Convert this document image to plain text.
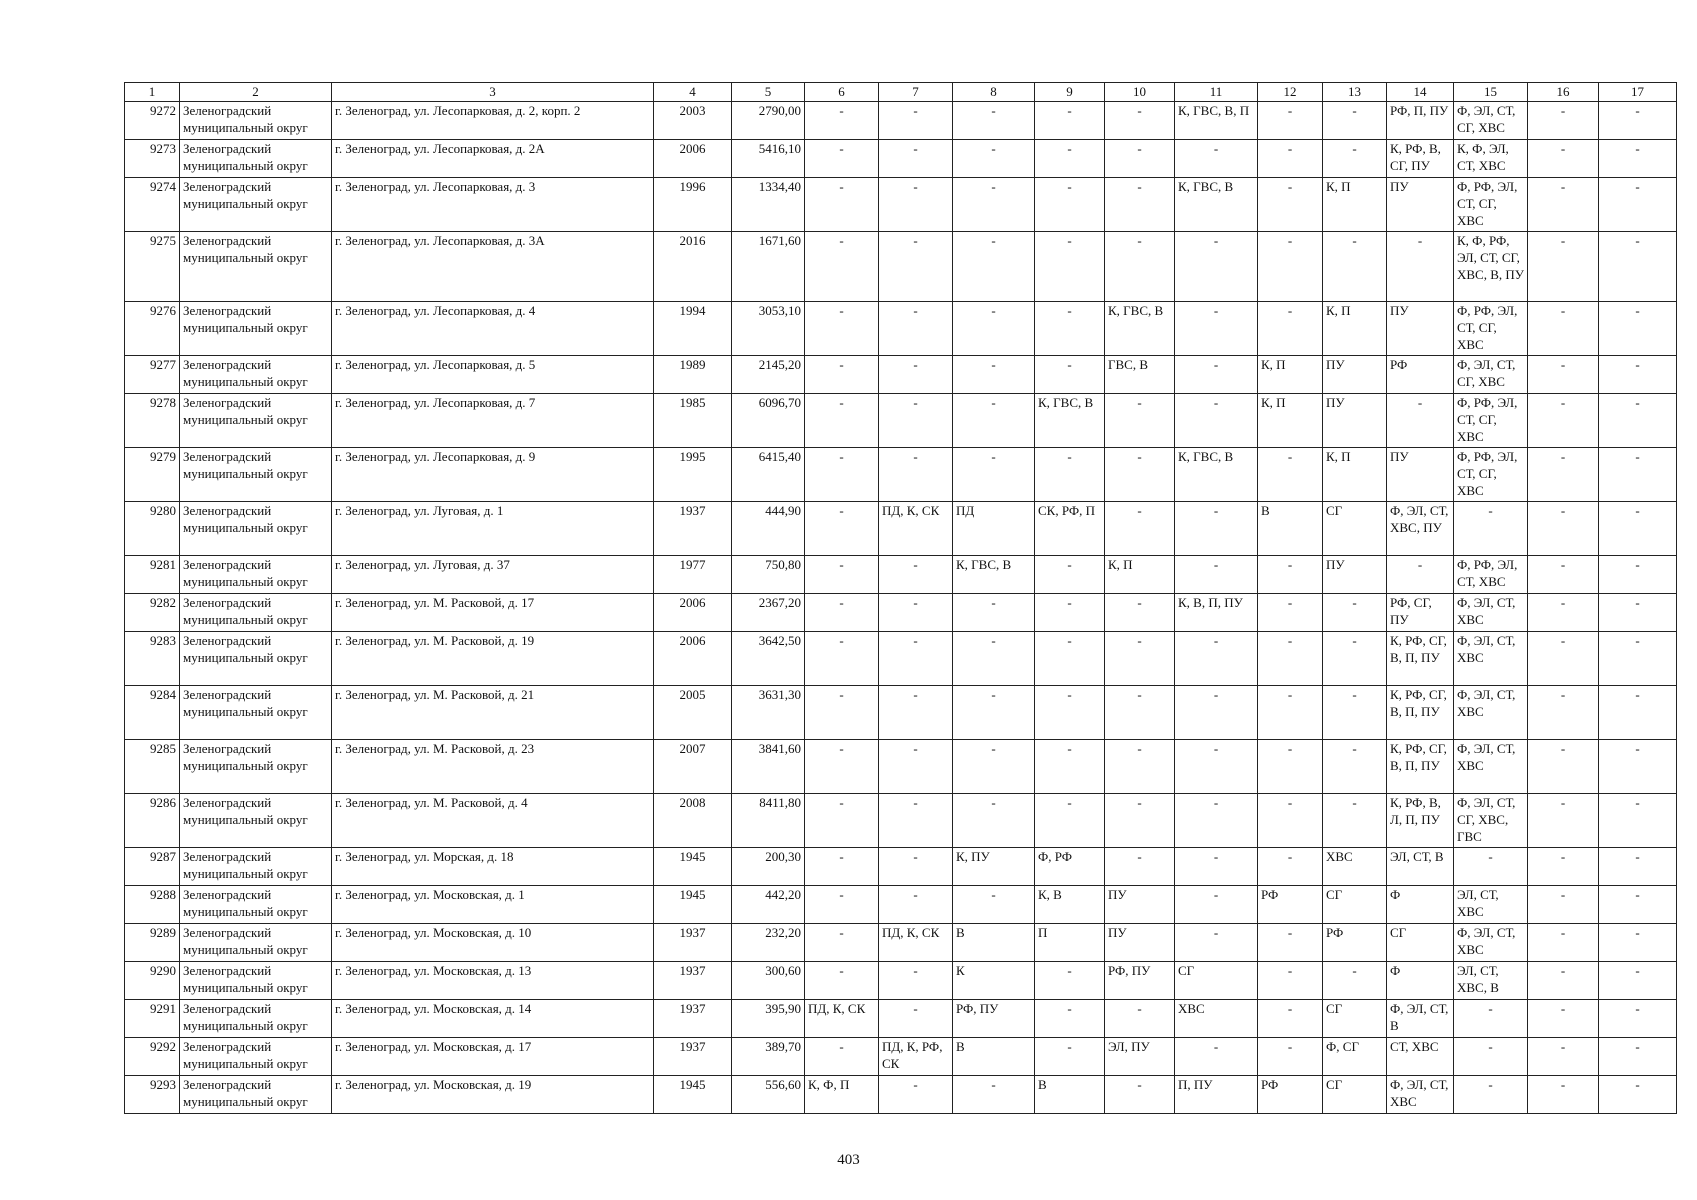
1	2	3	4	5	6	7	8	9	10	11	12	13	14	15	16	17
9272	Зеленоградский муниципальный округ	г. Зеленоград, ул. Лесопарковая, д. 2, корп. 2	2003	2790,00	-	-	-	-	-	К, ГВС, В, П	-	-	РФ, П, ПУ	Ф, ЭЛ, СТ, СГ, ХВС	-	-
9273	Зеленоградский муниципальный округ	г. Зеленоград, ул. Лесопарковая, д. 2А	2006	5416,10	-	-	-	-	-	-	-	-	К, РФ, В, СГ, ПУ	К, Ф, ЭЛ, СТ, ХВС	-	-
9274	Зеленоградский муниципальный округ	г. Зеленоград, ул. Лесопарковая, д. 3	1996	1334,40	-	-	-	-	-	К, ГВС, В	-	К, П	ПУ	Ф, РФ, ЭЛ, СТ, СГ, ХВС	-	-
9275	Зеленоградский муниципальный округ	г. Зеленоград, ул. Лесопарковая, д. 3А	2016	1671,60	-	-	-	-	-	-	-	-	-	К, Ф, РФ, ЭЛ, СТ, СГ, ХВС, В, ПУ	-	-
9276	Зеленоградский муниципальный округ	г. Зеленоград, ул. Лесопарковая, д. 4	1994	3053,10	-	-	-	-	К, ГВС, В	-	-	К, П	ПУ	Ф, РФ, ЭЛ, СТ, СГ, ХВС	-	-
9277	Зеленоградский муниципальный округ	г. Зеленоград, ул. Лесопарковая, д. 5	1989	2145,20	-	-	-	-	ГВС, В	-	К, П	ПУ	РФ	Ф, ЭЛ, СТ, СГ, ХВС	-	-
9278	Зеленоградский муниципальный округ	г. Зеленоград, ул. Лесопарковая, д. 7	1985	6096,70	-	-	-	К, ГВС, В	-	-	К, П	ПУ	-	Ф, РФ, ЭЛ, СТ, СГ, ХВС	-	-
9279	Зеленоградский муниципальный округ	г. Зеленоград, ул. Лесопарковая, д. 9	1995	6415,40	-	-	-	-	-	К, ГВС, В	-	К, П	ПУ	Ф, РФ, ЭЛ, СТ, СГ, ХВС	-	-
9280	Зеленоградский муниципальный округ	г. Зеленоград, ул. Луговая, д. 1	1937	444,90	-	ПД, К, СК	ПД	СК, РФ, П	-	-	В	СГ	Ф, ЭЛ, СТ, ХВС, ПУ	-	-	-
9281	Зеленоградский муниципальный округ	г. Зеленоград, ул. Луговая, д. 37	1977	750,80	-	-	К, ГВС, В	-	К, П	-	-	ПУ	-	Ф, РФ, ЭЛ, СТ, ХВС	-	-
9282	Зеленоградский муниципальный округ	г. Зеленоград, ул. М. Расковой, д. 17	2006	2367,20	-	-	-	-	-	К, В, П, ПУ	-	-	РФ, СГ, ПУ	Ф, ЭЛ, СТ, ХВС	-	-
9283	Зеленоградский муниципальный округ	г. Зеленоград, ул. М. Расковой, д. 19	2006	3642,50	-	-	-	-	-	-	-	-	К, РФ, СГ, В, П, ПУ	Ф, ЭЛ, СТ, ХВС	-	-
9284	Зеленоградский муниципальный округ	г. Зеленоград, ул. М. Расковой, д. 21	2005	3631,30	-	-	-	-	-	-	-	-	К, РФ, СГ, В, П, ПУ	Ф, ЭЛ, СТ, ХВС	-	-
9285	Зеленоградский муниципальный округ	г. Зеленоград, ул. М. Расковой, д. 23	2007	3841,60	-	-	-	-	-	-	-	-	К, РФ, СГ, В, П, ПУ	Ф, ЭЛ, СТ, ХВС	-	-
9286	Зеленоградский муниципальный округ	г. Зеленоград, ул. М. Расковой, д. 4	2008	8411,80	-	-	-	-	-	-	-	-	К, РФ, В, Л, П, ПУ	Ф, ЭЛ, СТ, СГ, ХВС, ГВС	-	-
9287	Зеленоградский муниципальный округ	г. Зеленоград, ул. Морская, д. 18	1945	200,30	-	-	К, ПУ	Ф, РФ	-	-	-	ХВС	ЭЛ, СТ, В	-	-	-
9288	Зеленоградский муниципальный округ	г. Зеленоград, ул. Московская, д. 1	1945	442,20	-	-	-	К, В	ПУ	-	РФ	СГ	Ф	ЭЛ, СТ, ХВС	-	-
9289	Зеленоградский муниципальный округ	г. Зеленоград, ул. Московская, д. 10	1937	232,20	-	ПД, К, СК	В	П	ПУ	-	-	РФ	СГ	Ф, ЭЛ, СТ, ХВС	-	-
9290	Зеленоградский муниципальный округ	г. Зеленоград, ул. Московская, д. 13	1937	300,60	-	-	К	-	РФ, ПУ	СГ	-	-	Ф	ЭЛ, СТ, ХВС, В	-	-
9291	Зеленоградский муниципальный округ	г. Зеленоград, ул. Московская, д. 14	1937	395,90	ПД, К, СК	-	РФ, ПУ	-	-	ХВС	-	СГ	Ф, ЭЛ, СТ, В	-	-	-
9292	Зеленоградский муниципальный округ	г. Зеленоград, ул. Московская, д. 17	1937	389,70	-	ПД, К, РФ, СК	В	-	ЭЛ, ПУ	-	-	Ф, СГ	СТ, ХВС	-	-	-
9293	Зеленоградский муниципальный округ	г. Зеленоград, ул. Московская, д. 19	1945	556,60	К, Ф, П	-	-	В	-	П, ПУ	РФ	СГ	Ф, ЭЛ, СТ, ХВС	-	-	-
403
